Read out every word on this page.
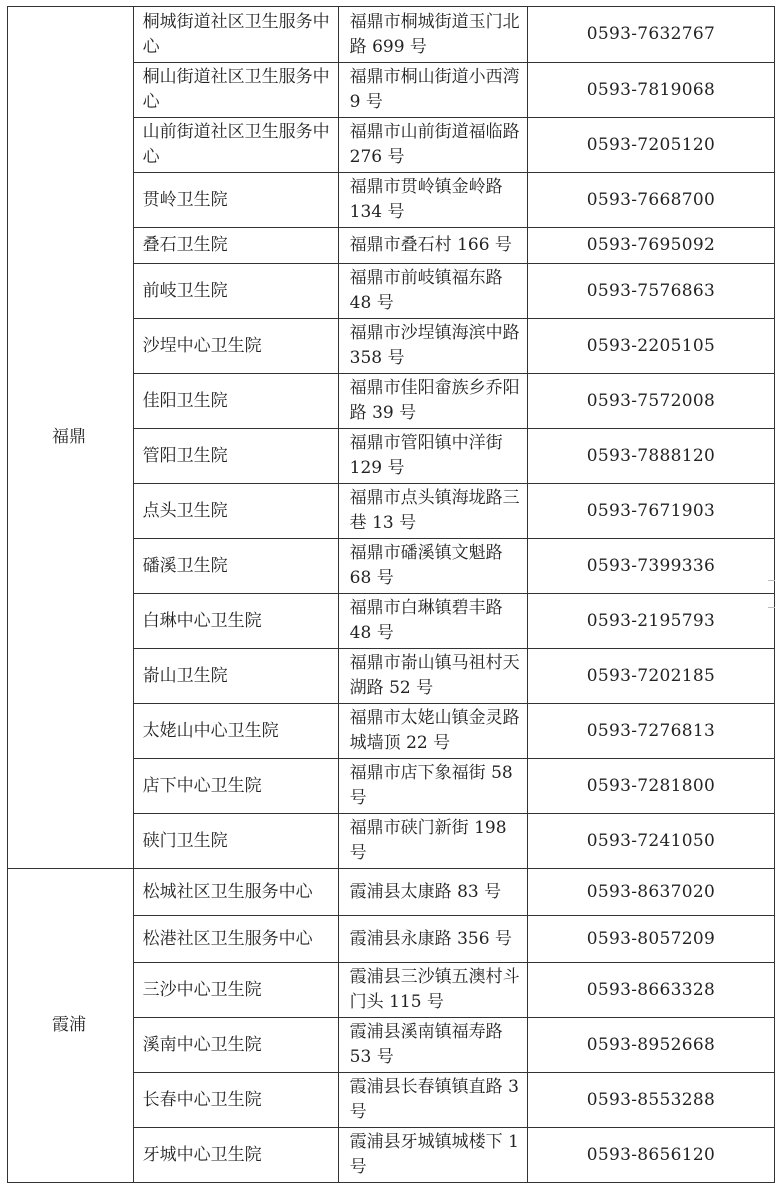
福鼎	桐城街道社区卫生服务中心	福鼎市桐城街道玉门北路 699 号	0593-7632767
	桐山街道社区卫生服务中心	福鼎市桐山街道小西湾 9 号	0593-7819068
	山前街道社区卫生服务中心	福鼎市山前街道福临路 276 号	0593-7205120
	贯岭卫生院	福鼎市贯岭镇金岭路 134 号	0593-7668700
	叠石卫生院	福鼎市叠石村 166 号	0593-7695092
	前岐卫生院	福鼎市前岐镇福东路 48 号	0593-7576863
	沙埕中心卫生院	福鼎市沙埕镇海滨中路 358 号	0593-2205105
	佳阳卫生院	福鼎市佳阳畲族乡乔阳路 39 号	0593-7572008
	管阳卫生院	福鼎市管阳镇中洋街 129 号	0593-7888120
	点头卫生院	福鼎市点头镇海垅路三巷 13 号	0593-7671903
	磻溪卫生院	福鼎市磻溪镇文魁路 68 号	0593-7399336
	白琳中心卫生院	福鼎市白琳镇碧丰路 48 号	0593-2195793
	嵛山卫生院	福鼎市嵛山镇马祖村天湖路 52 号	0593-7202185
	太姥山中心卫生院	福鼎市太姥山镇金灵路城墙顶 22 号	0593-7276813
	店下中心卫生院	福鼎市店下象福街 58 号	0593-7281800
	硖门卫生院	福鼎市硖门新街 198 号	0593-7241050
霞浦	松城社区卫生服务中心	霞浦县太康路 83 号	0593-8637020
	松港社区卫生服务中心	霞浦县永康路 356 号	0593-8057209
	三沙中心卫生院	霞浦县三沙镇五澳村斗门头 115 号	0593-8663328
	溪南中心卫生院	霞浦县溪南镇福寿路 53 号	0593-8952668
	长春中心卫生院	霞浦县长春镇镇直路 3 号	0593-8553288
	牙城中心卫生院	霞浦县牙城镇城楼下 1 号	0593-8656120
